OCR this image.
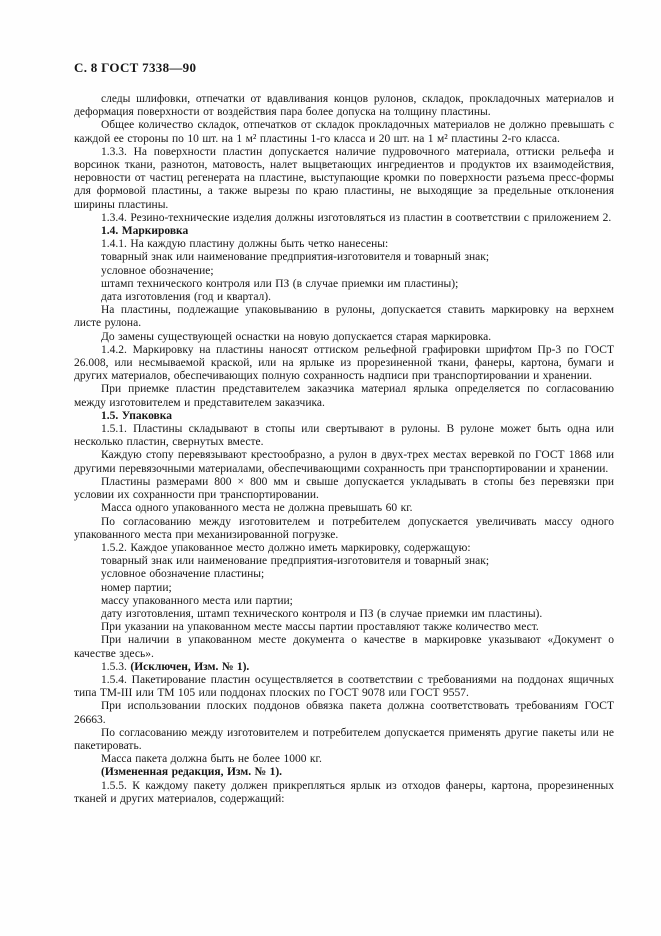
С. 8 ГОСТ 7338—90

следы шлифовки, отпечатки от вдавливания концов рулонов, складок, прокладочных материалов и деформация поверхности от воздействия пара более допуска на толщину пластины.

Общее количество складок, отпечатков от складок прокладочных материалов не должно превышать с каждой ее стороны по 10 шт. на 1 м² пластины 1-го класса и 20 шт. на 1 м² пластины 2-го класса.

1.3.3. На поверхности пластин допускается наличие пудровочного материала, оттиски рельефа и ворсинок ткани, разнотон, матовость, налет выцветающих ингредиентов и продуктов их взаимодействия, неровности от частиц регенерата на пластине, выступающие кромки по поверхности разъема пресс-формы для формовой пластины, а также вырезы по краю пластины, не выходящие за предельные отклонения ширины пластины.

1.3.4. Резино-технические изделия должны изготовляться из пластин в соответствии с приложением 2.

1.4. Маркировка

1.4.1. На каждую пластину должны быть четко нанесены:

товарный знак или наименование предприятия-изготовителя и товарный знак;

условное обозначение;

штамп технического контроля или ПЗ (в случае приемки им пластины);

дата изготовления (год и квартал).

На пластины, подлежащие упаковыванию в рулоны, допускается ставить маркировку на верхнем листе рулона.

До замены существующей оснастки на новую допускается старая маркировка.

1.4.2. Маркировку на пластины наносят оттиском рельефной графировки шрифтом Пр-3 по ГОСТ 26.008, или несмываемой краской, или на ярлыке из прорезиненной ткани, фанеры, картона, бумаги и других материалов, обеспечивающих полную сохранность надписи при транспортировании и хранении.

При приемке пластин представителем заказчика материал ярлыка определяется по согласованию между изготовителем и представителем заказчика.

1.5. Упаковка

1.5.1. Пластины складывают в стопы или свертывают в рулоны. В рулоне может быть одна или несколько пластин, свернутых вместе.

Каждую стопу перевязывают крестообразно, а рулон в двух-трех местах веревкой по ГОСТ 1868 или другими перевязочными материалами, обеспечивающими сохранность при транспортировании и хранении.

Пластины размерами 800 × 800 мм и свыше допускается укладывать в стопы без перевязки при условии их сохранности при транспортировании.

Масса одного упакованного места не должна превышать 60 кг.

По согласованию между изготовителем и потребителем допускается увеличивать массу одного упакованного места при механизированной погрузке.

1.5.2. Каждое упакованное место должно иметь маркировку, содержащую:

товарный знак или наименование предприятия-изготовителя и товарный знак;

условное обозначение пластины;

номер партии;

массу упакованного места или партии;

дату изготовления, штамп технического контроля и ПЗ (в случае приемки им пластины).

При указании на упакованном месте массы партии проставляют также количество мест.

При наличии в упакованном месте документа о качестве в маркировке указывают «Документ о качестве здесь».

1.5.3. (Исключен, Изм. № 1).

1.5.4. Пакетирование пластин осуществляется в соответствии с требованиями на поддонах ящичных типа ТМ-III или ТМ 105 или поддонах плоских по ГОСТ 9078 или ГОСТ 9557.

При использовании плоских поддонов обвязка пакета должна соответствовать требованиям ГОСТ 26663.

По согласованию между изготовителем и потребителем допускается применять другие пакеты или не пакетировать.

Масса пакета должна быть не более 1000 кг.

(Измененная редакция, Изм. № 1).

1.5.5. К каждому пакету должен прикрепляться ярлык из отходов фанеры, картона, прорезиненных тканей и других материалов, содержащий:
